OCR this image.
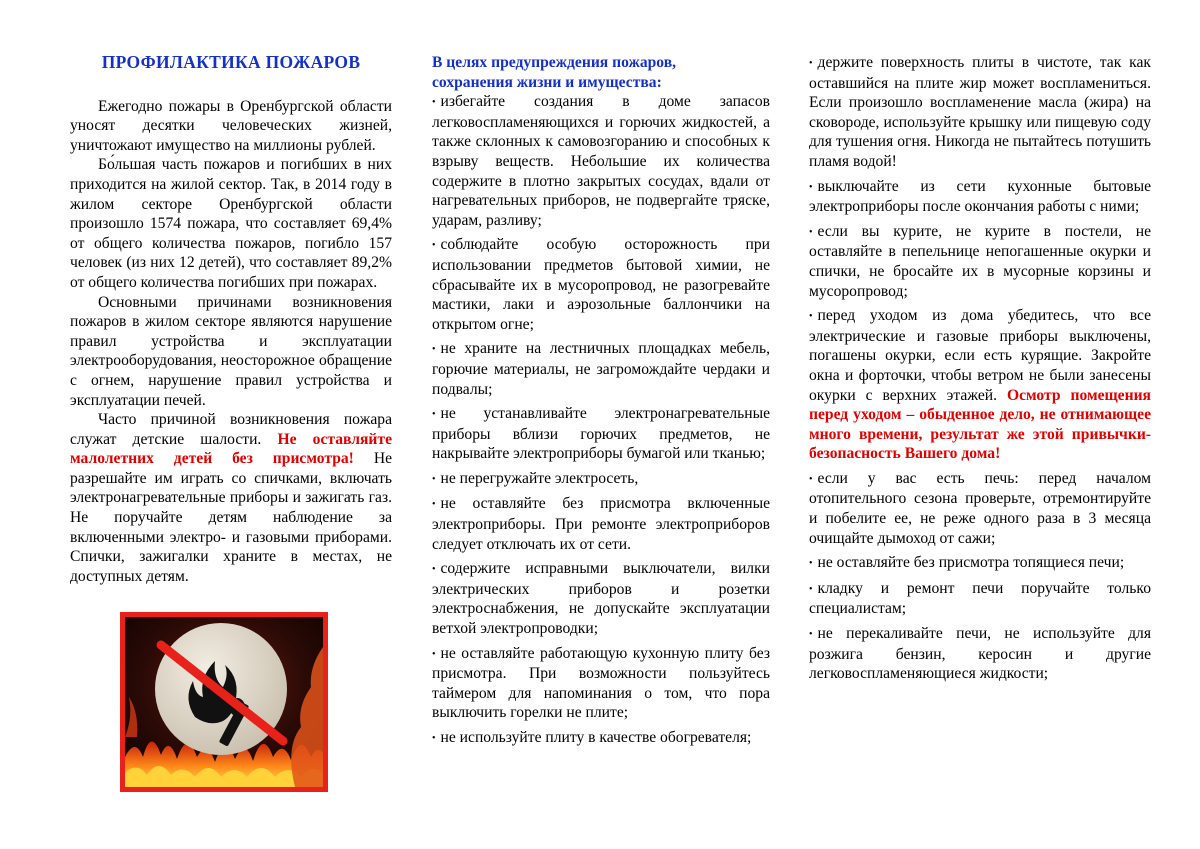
ПРОФИЛАКТИКА ПОЖАРОВ

Ежегодно пожары в Оренбургской области уносят десятки человеческих жизней, уничтожают имущество на миллионы рублей.

Бо́льшая часть пожаров и погибших в них приходится на жилой сектор. Так, в 2014 году в жилом секторе Оренбургской области произошло 1574 пожара, что составляет 69,4% от общего количества пожаров, погибло 157 человек (из них 12 детей), что составляет 89,2% от общего количества погибших при пожарах.

Основными причинами возникновения пожаров в жилом секторе являются нарушение правил устройства и эксплуатации электрооборудования, неосторожное обращение с огнем, нарушение правил устройства и эксплуатации печей.

Часто причиной возникновения пожара служат детские шалости. Не оставляйте малолетних детей без присмотра! Не разрешайте им играть со спичками, включать электронагревательные приборы и зажигать газ. Не поручайте детям наблюдение за включенными электро- и газовыми приборами. Спички, зажигалки храните в местах, не доступных детям.

В целях предупреждения пожаров,
сохранения жизни и имущества:

• избегайте создания в доме запасов легковоспламеняющихся и горючих жидкостей, а также склонных к самовозгоранию и способных к взрыву веществ. Небольшие их количества содержите в плотно закрытых сосудах, вдали от нагревательных приборов, не подвергайте тряске, ударам, разливу;

• соблюдайте особую осторожность при использовании предметов бытовой химии, не сбрасывайте их в мусоропровод, не разогревайте мастики, лаки и аэрозольные баллончики на открытом огне;

• не храните на лестничных площадках мебель, горючие материалы, не загромождайте чердаки и подвалы;

• не устанавливайте электронагревательные приборы вблизи горючих предметов, не накрывайте электроприборы бумагой или тканью;

• не перегружайте электросеть,

• не оставляйте без присмотра включенные электроприборы. При ремонте электроприборов следует отключать их от сети.

• содержите исправными выключатели, вилки электрических приборов и розетки электроснабжения, не допускайте эксплуатации ветхой электропроводки;

• не оставляйте работающую кухонную плиту без присмотра. При возможности пользуйтесь таймером для напоминания о том, что пора выключить горелки не плите;

• не используйте плиту в качестве обогревателя;

• держите поверхность плиты в чистоте, так как оставшийся на плите жир может воспламениться. Если произошло воспламенение масла (жира) на сковороде, используйте крышку или пищевую соду для тушения огня. Никогда не пытайтесь потушить пламя водой!

• выключайте из сети кухонные бытовые электроприборы после окончания работы с ними;

• если вы курите, не курите в постели, не оставляйте в пепельнице непогашенные окурки и спички, не бросайте их в мусорные корзины и мусоропровод;

• перед уходом из дома убедитесь, что все электрические и газовые приборы выключены, погашены окурки, если есть курящие. Закройте окна и форточки, чтобы ветром не были занесены окурки с верхних этажей. Осмотр помещения перед уходом – обыденное дело, не отнимающее много времени, результат же этой привычки- безопасность Вашего дома!

• если у вас есть печь: перед началом отопительного сезона проверьте, отремонтируйте и побелите ее, не реже одного раза в 3 месяца очищайте дымоход от сажи;

• не оставляйте без присмотра топящиеся печи;

• кладку и ремонт печи поручайте только специалистам;

• не перекаливайте печи, не используйте для розжига бензин, керосин и другие легковоспламеняющиеся жидкости;
